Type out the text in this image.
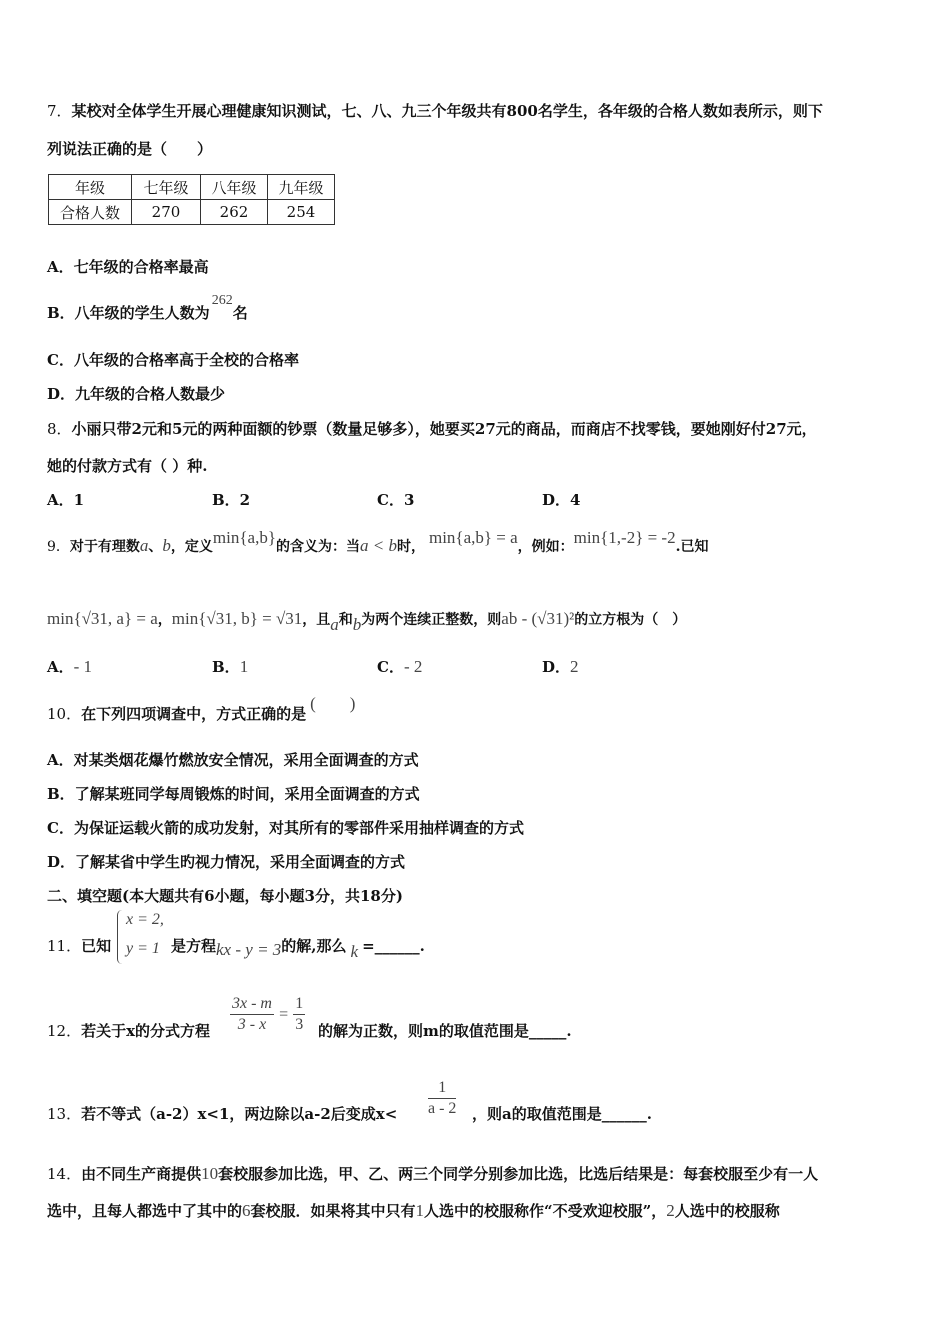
7．某校对全体学生开展心理健康知识测试，七、八、九三个年级共有800名学生，各年级的合格人数如表所示，则下
列说法正确的是（　　）
年级	七年级	八年级	九年级
合格人数	270	262	254
A．七年级的合格率最高
B．八年级的学生人数为262名
C．八年级的合格率高于全校的合格率
D．九年级的合格人数最少
8．小丽只带2元和5元的两种面额的钞票（数量足够多），她要买27元的商品，而商店不找零钱，要她刚好付27元，
她的付款方式有（ ）种.
A．1	B．2	C．3	D．4
9．对于有理数a、b，定义min{a,b}的含义为：当a < b时， min{a,b} = a，例如：min{1,-2} = -2.已知
min{√31, a} = a，min{√31, b} = √31，且a和b为两个连续正整数，则ab - (√31)²的立方根为（　）
A．- 1	B．1	C．- 2	D．2
10．在下列四项调查中，方式正确的是(　　)
A．对某类烟花爆竹燃放安全情况，采用全面调查的方式
B．了解某班同学每周锻炼的时间，采用全面调查的方式
C．为保证运载火箭的成功发射，对其所有的零部件采用抽样调查的方式
D．了解某省中学生旳视力情况，采用全面调查的方式
二、填空题(本大题共有6小题，每小题3分，共18分)
x = 2,
y = 1
11．已知	是方程kx - y = 3的解,那么 k =______.
12．若关于x的分式方程 $\frac{3x - m}{3 - x} = \frac{1}{3}$ 的解为正数，则m的取值范围是_____.
13．若不等式（a-2）x<1，两边除以a-2后变成$x< \frac{1}{a - 2}$ ，则a的取值范围是______.
14．由不同生产商提供10套校服参加比选，甲、乙、两三个同学分别参加比选，比选后结果是：每套校服至少有一人
选中，且每人都选中了其中的6套校服．如果将其中只有1人选中的校服称作“不受欢迎校服”，2人选中的校服称
